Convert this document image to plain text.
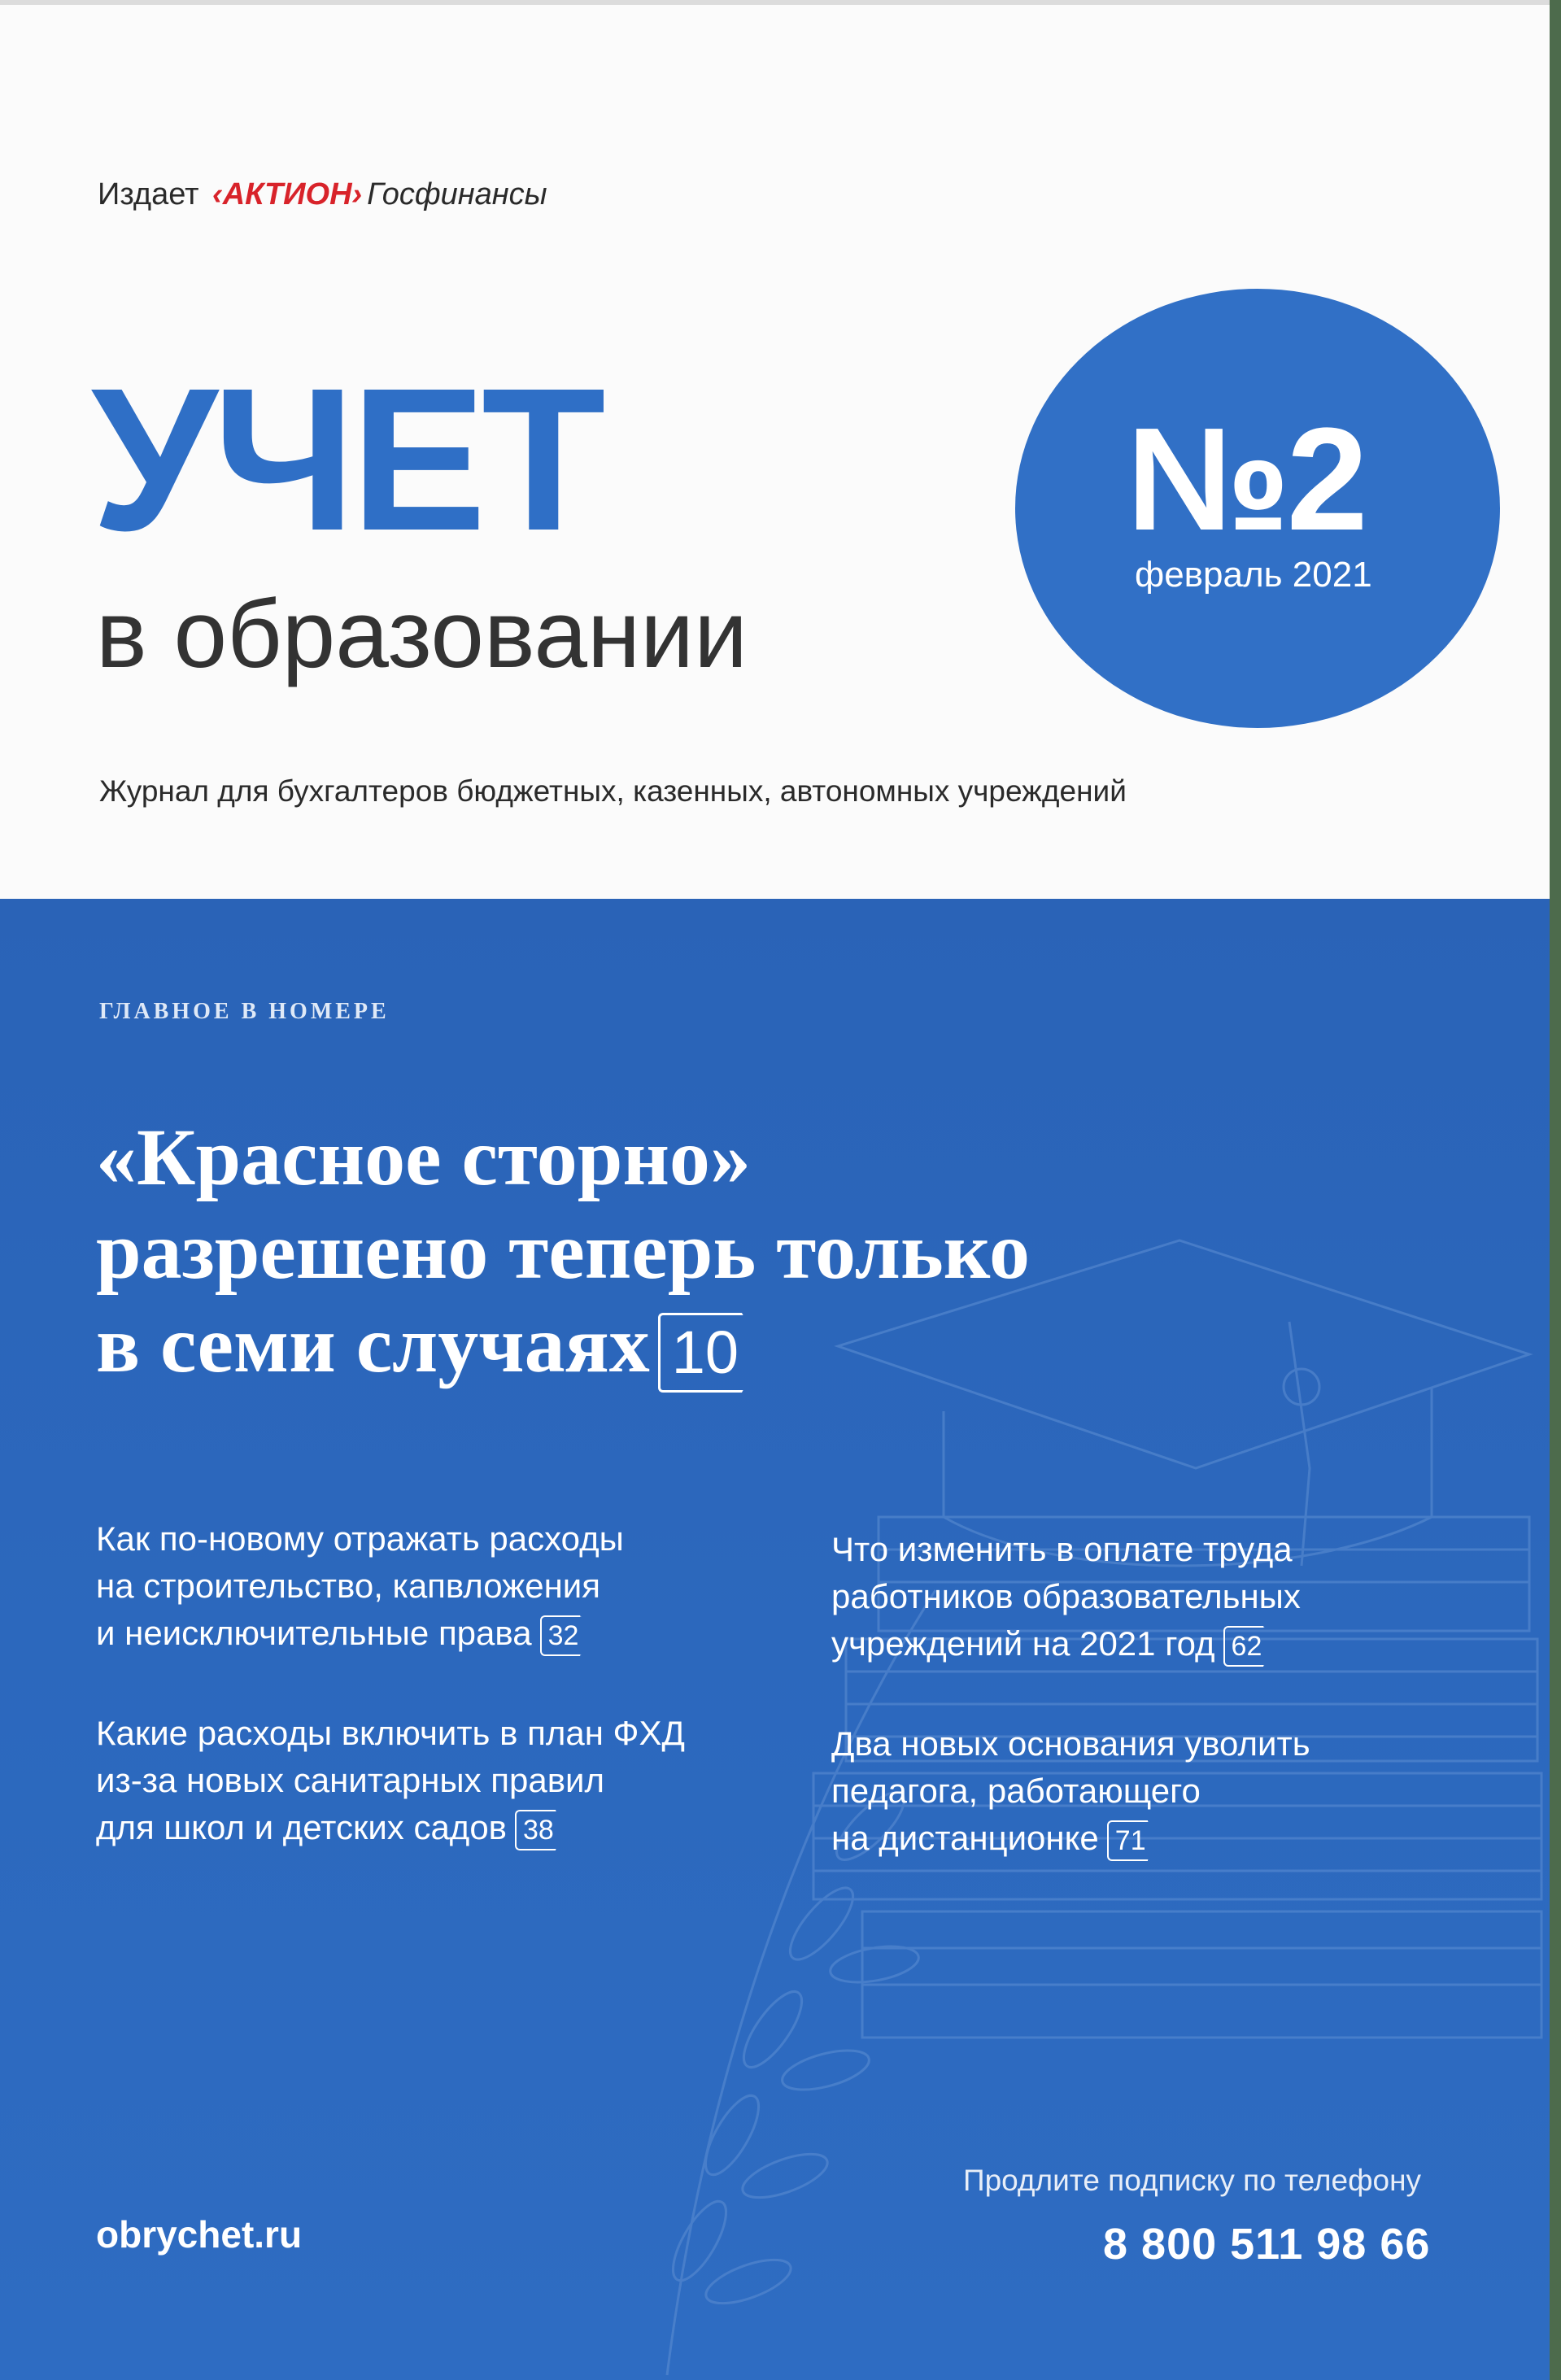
Издает ‹АКТИОН› Госфинансы
УЧЕТ
в образовании
Журнал для бухгалтеров бюджетных, казенных, автономных учреждений
№2
февраль 2021
ГЛАВНОЕ В НОМЕРЕ
«Красное сторно»
разрешено теперь только
в семи случаях 10
Как по-новому отражать расходы
на строительство, капвложения
и неисключительные права 32
Какие расходы включить в план ФХД
из-за новых санитарных правил
для школ и детских садов 38
Что изменить в оплате труда
работников образовательных
учреждений на 2021 год 62
Два новых основания уволить
педагога, работающего
на дистанционке 71
obrychet.ru
Продлите подписку по телефону
8 800 511 98 66
